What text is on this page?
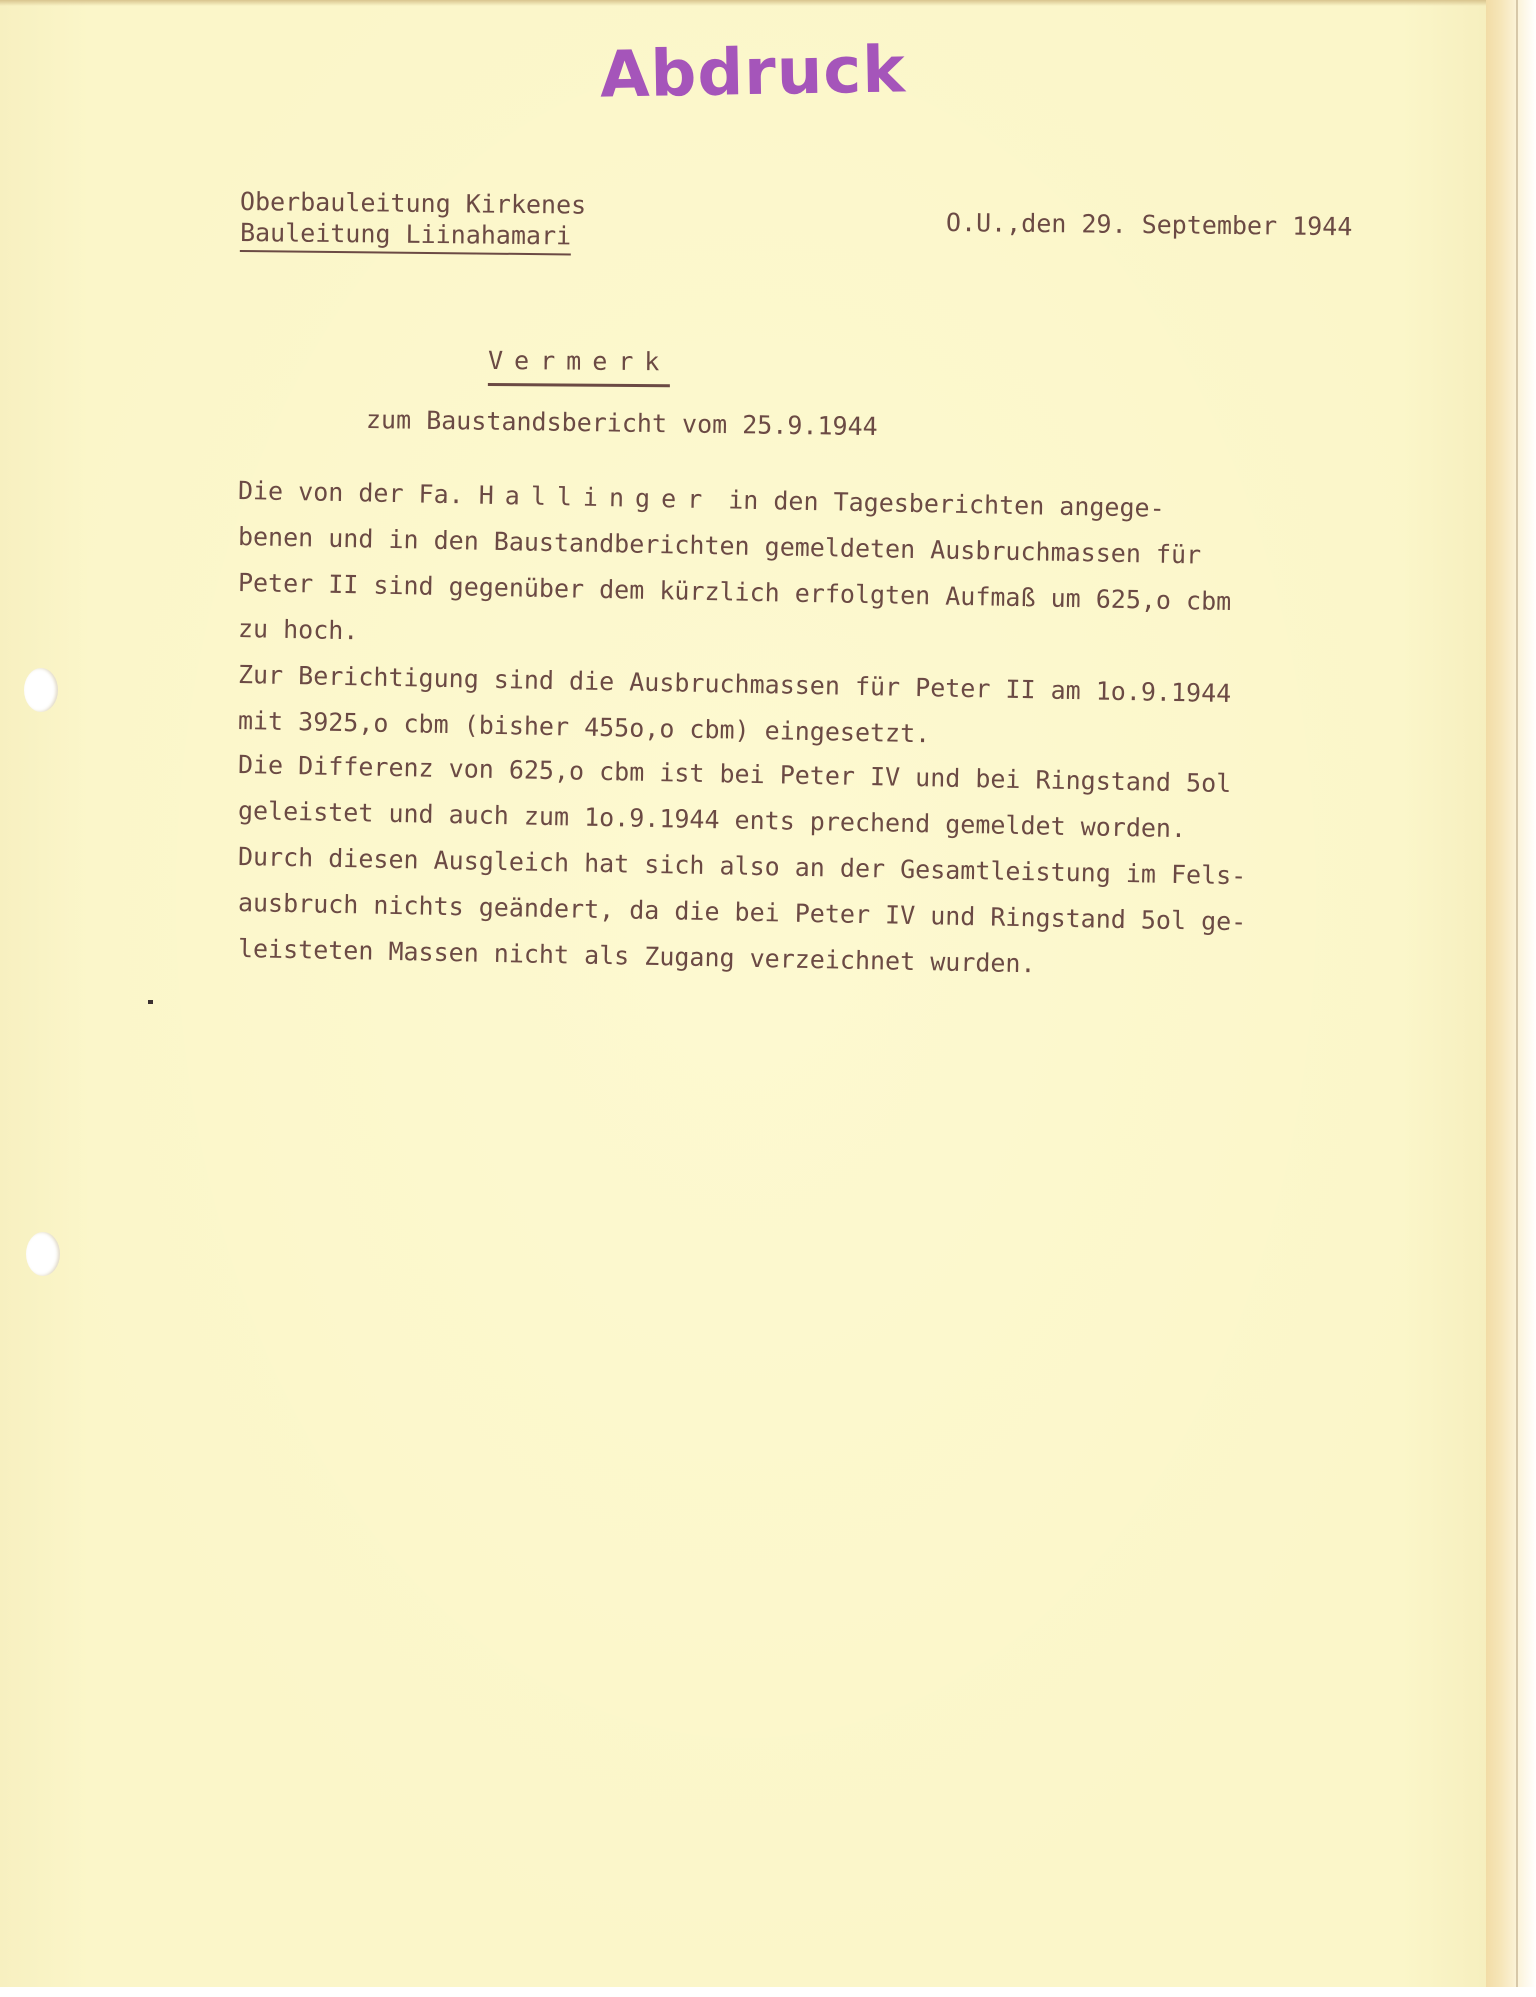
Abdruck
Oberbauleitung Kirkenes
Bauleitung Liinahamari	O.U.,den 29. September 1944
Vermerk
zum Baustandsbericht vom 25.9.1944
Die von der Fa. Hallinger in den Tagesberichten angege-
benen und in den Baustandberichten gemeldeten Ausbruchmassen für
Peter II sind gegenüber dem kürzlich erfolgten Aufmaß um 625,o cbm
zu hoch.
Zur Berichtigung sind die Ausbruchmassen für Peter II am 1o.9.1944
mit 3925,o cbm (bisher 455o,o cbm) eingesetzt.
Die Differenz von 625,o cbm ist bei Peter IV und bei Ringstand 5ol
geleistet und auch zum 1o.9.1944 ents prechend gemeldet worden.
Durch diesen Ausgleich hat sich also an der Gesamtleistung im Fels-
ausbruch nichts geändert, da die bei Peter IV und Ringstand 5ol ge-
leisteten Massen nicht als Zugang verzeichnet wurden.
